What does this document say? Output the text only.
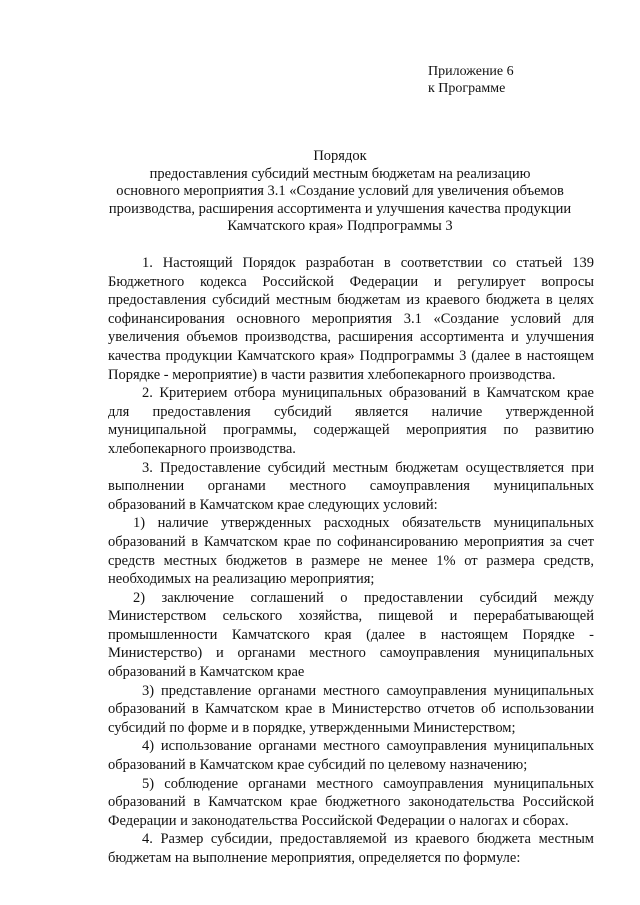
Приложение 6
к Программе
Порядок
предоставления субсидий местным бюджетам на реализацию
основного мероприятия 3.1 «Создание условий для увеличения объемов
производства, расширения ассортимента и улучшения качества продукции
Камчатского края» Подпрограммы 3

1. Настоящий Порядок разработан в соответствии со статьей 139 Бюджетного кодекса Российской Федерации и регулирует вопросы предоставления субсидий местным бюджетам из краевого бюджета в целях софинансирования основного мероприятия 3.1 «Создание условий для увеличения объемов производства, расширения ассортимента и улучшения качества продукции Камчатского края» Подпрограммы 3 (далее в настоящем Порядке - мероприятие) в части развития хлебопекарного производства.

2. Критерием отбора муниципальных образований в Камчатском крае для предоставления субсидий является наличие утвержденной муниципальной программы, содержащей мероприятия по развитию хлебопекарного производства.

3. Предоставление субсидий местным бюджетам осуществляется при выполнении органами местного самоуправления муниципальных образований в Камчатском крае следующих условий:

1) наличие утвержденных расходных обязательств муниципальных образований в Камчатском крае по софинансированию мероприятия за счет средств местных бюджетов в размере не менее 1% от размера средств, необходимых на реализацию мероприятия;

2) заключение соглашений о предоставлении субсидий между Министерством сельского хозяйства, пищевой и перерабатывающей промышленности Камчатского края (далее в настоящем Порядке - Министерство) и органами местного самоуправления муниципальных образований в Камчатском крае

3) представление органами местного самоуправления муниципальных образований в Камчатском крае в Министерство отчетов об использовании субсидий по форме и в порядке, утвержденными Министерством;

4) использование органами местного самоуправления муниципальных образований в Камчатском крае субсидий по целевому назначению;

5) соблюдение органами местного самоуправления муниципальных образований в Камчатском крае бюджетного законодательства Российской Федерации и законодательства Российской Федерации о налогах и сборах.

4. Размер субсидии, предоставляемой из краевого бюджета местным бюджетам на выполнение мероприятия, определяется по формуле:
